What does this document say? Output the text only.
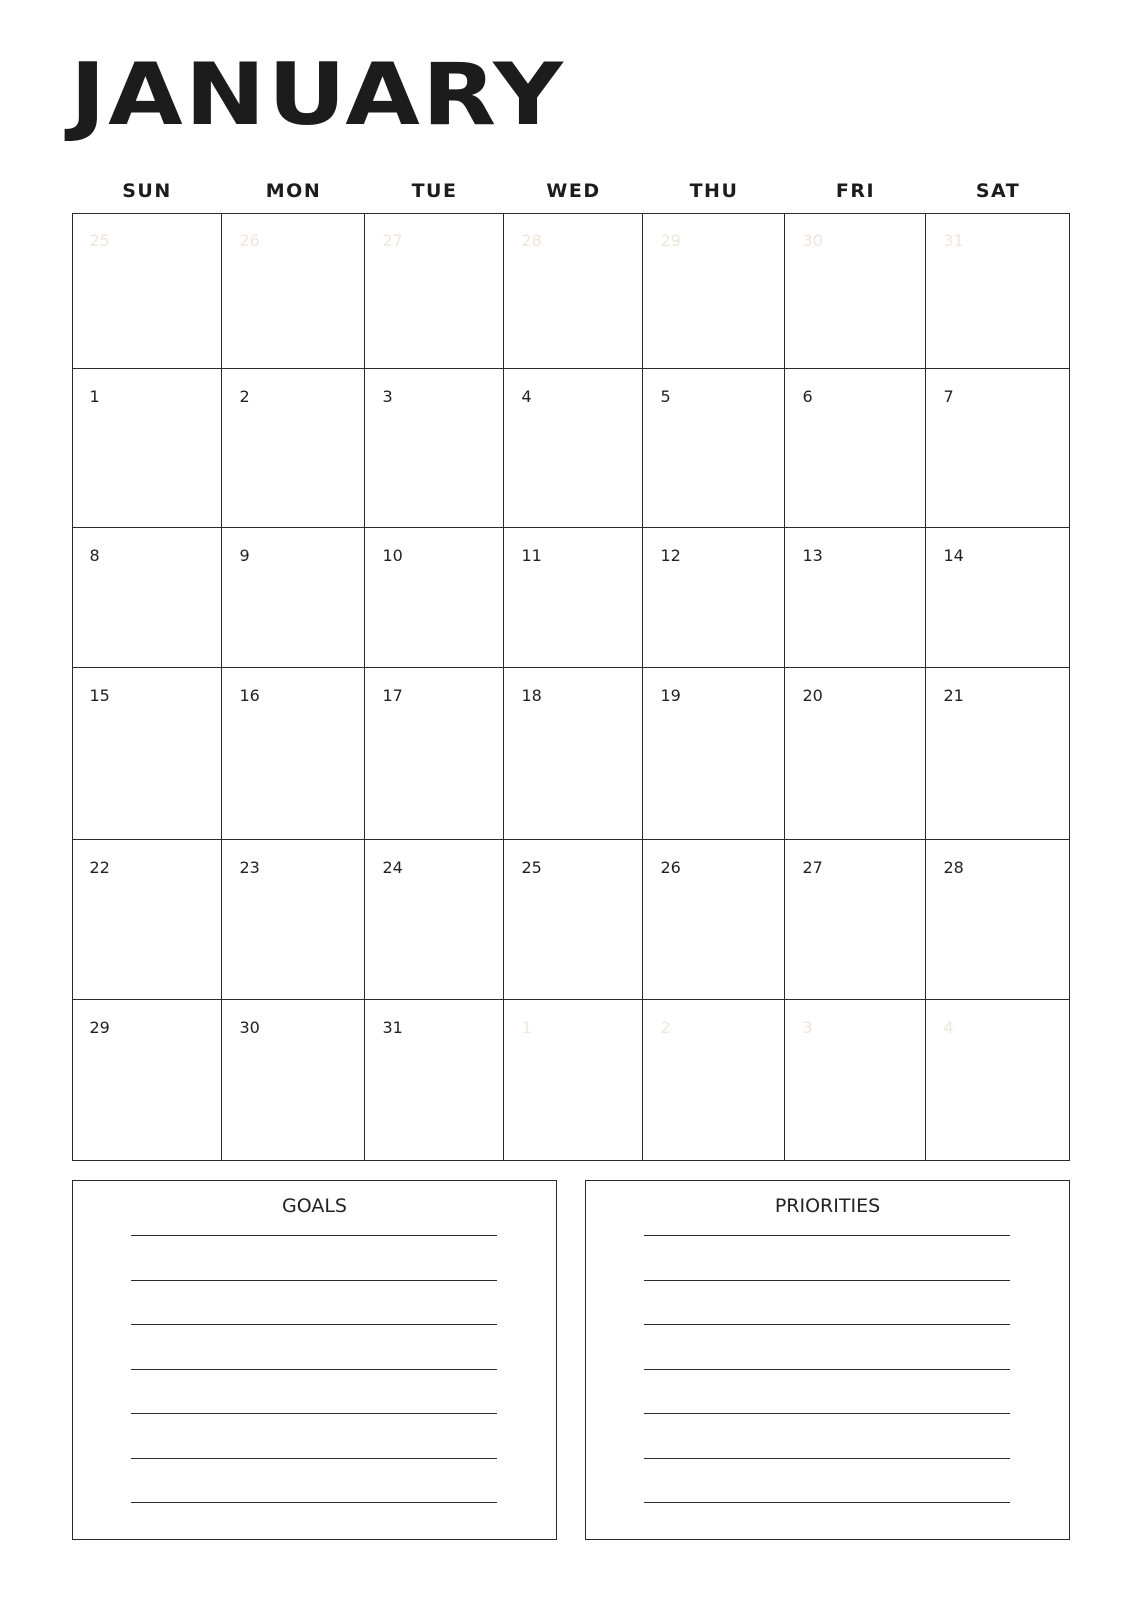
JANUARY
SUN	MON	TUE	WED	THU	FRI	SAT
25	26	27	28	29	30	31
1	2	3	4	5	6	7
8	9	10	11	12	13	14
15	16	17	18	19	20	21
22	23	24	25	26	27	28
29	30	31	1	2	3	4
GOALS	PRIORITIES
